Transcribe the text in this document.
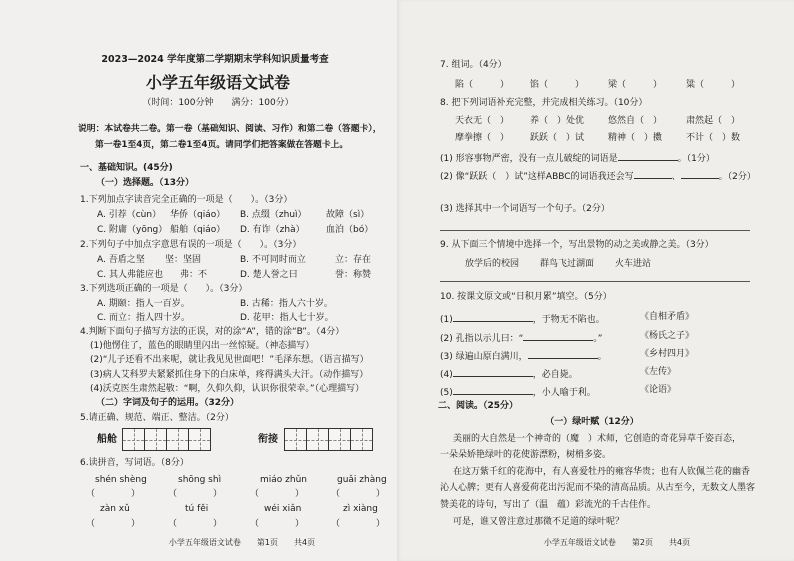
2023—2024 学年度第二学期期末学科知识质量考查
小学五年级语文试卷
（时间：100分钟　　满分：100分）
说明：本试卷共二卷。第一卷（基础知识、阅读、习作）和第二卷（答题卡），
第一卷1至4页，第二卷1至4页。请同学们把答案做在答题卡上。
一、基础知识。(45分)
（一）选择题。（13分）
1.下列加点字读音完全正确的一项是（　　）。（3分）
A. 引荐（cùn） 华侨（qiáo） B. 点缀（zhuì） 故障（sì）
C. 附庸（yōng） 船舶（qiáo） D. 有诈（zhà） 血泊（bó）
2.下列句子中加点字意思有误的一项是（　　）。（3分）
A. 吾盾之坚 坚：坚固	B. 不可同时而立	立：存在
C. 其人弗能应也 弗：不	D. 楚人誉之曰	誉：称赞
3.下列选项正确的一项是（　　）。（3分）
A. 期颐：指人一百岁。	B. 古稀：指人六十岁。
C. 而立：指人四十岁。	D. 花甲：指人七十岁。
4.判断下面句子描写方法的正误，对的涂“A”，错的涂“B”。（4分）
(1)他愣住了，蓝色的眼睛里闪出一丝惊疑。（神态描写）
(2)“儿子还看不出来呢，就让我见见世面吧！”毛泽东想。（语言描写）
(3)病人艾科罗夫紧紧抓住身下的白床单，疼得满头大汗。（动作描写）
(4)沃克医生肃然起敬：“啊，久仰久仰，认识你很荣幸。”（心理描写）
（二）字词及句子的运用。（32分）
5.请正确、规范、端正、整洁。（2分）
船舱	衔接
6.读拼音，写词语。（8分）
shén shèng	shōng shì	miáo zhǔn	guǎi zhàng
（　　　　）	（　　　　）	（　　　　）	（　　　　）
zàn xǔ	tú fěi	wéi xiǎn	zì xiàng
（　　　　）	（　　　　）	（　　　　）	（　　　　）
小学五年级语文试卷　　第1页　　共4页
7. 组词。（4分）
陷（　　　） 馅（　　　）	梁（　　　）	粱（　　　）
8. 把下列词语补充完整，并完成相关练习。（10分）
天衣无（　） 养（　）处优	悠然自（　）	肃然起（　）
摩拳擦（　） 跃跃（　）试	精神（　）擞	不计（　）数
(1) 形容事物严密，没有一点儿破绽的词语是	。（1分）
(2) 像“跃跃（　）试”这样ABBC的词语我还会写	、	。（2分）
(3) 选择其中一个词语写一个句子。（2分）
9. 从下面三个情境中选择一个，写出景物的动之美或静之美。（3分）
放学后的校园 群鸟飞过湖面 火车进站
10. 按课文原文或“日积月累”填空。（5分）
(1)	，于物无不陷也。	《自相矛盾》
(2) 孔指以示儿曰：“	。”	《杨氏之子》
(3) 绿遍山原白满川，	。	《乡村四月》
(4)	，必自毙。	《左传》
(5)	，小人喻于利。	《论语》
二、阅读。（25分）
（一）绿叶赋（12分）
美丽的大自然是一个神奇的（魔　）术师，它创造的奇花异草千姿百态，
一朵朵娇艳绿叶的花使游漂粉，树梢多姿。
在这万紫千红的花海中，有人喜爱牡丹的雍容华贵；也有人钦佩兰花的幽香
沁人心脾；更有人喜爱荷花出污泥而不染的清高品质。从古至今，无数文人墨客
赞美花的诗句，写出了（温　蕴）彩流光的千古佳作。
可是，谁又曾注意过那微不足道的绿叶呢？
小学五年级语文试卷　　第2页　　共4页
